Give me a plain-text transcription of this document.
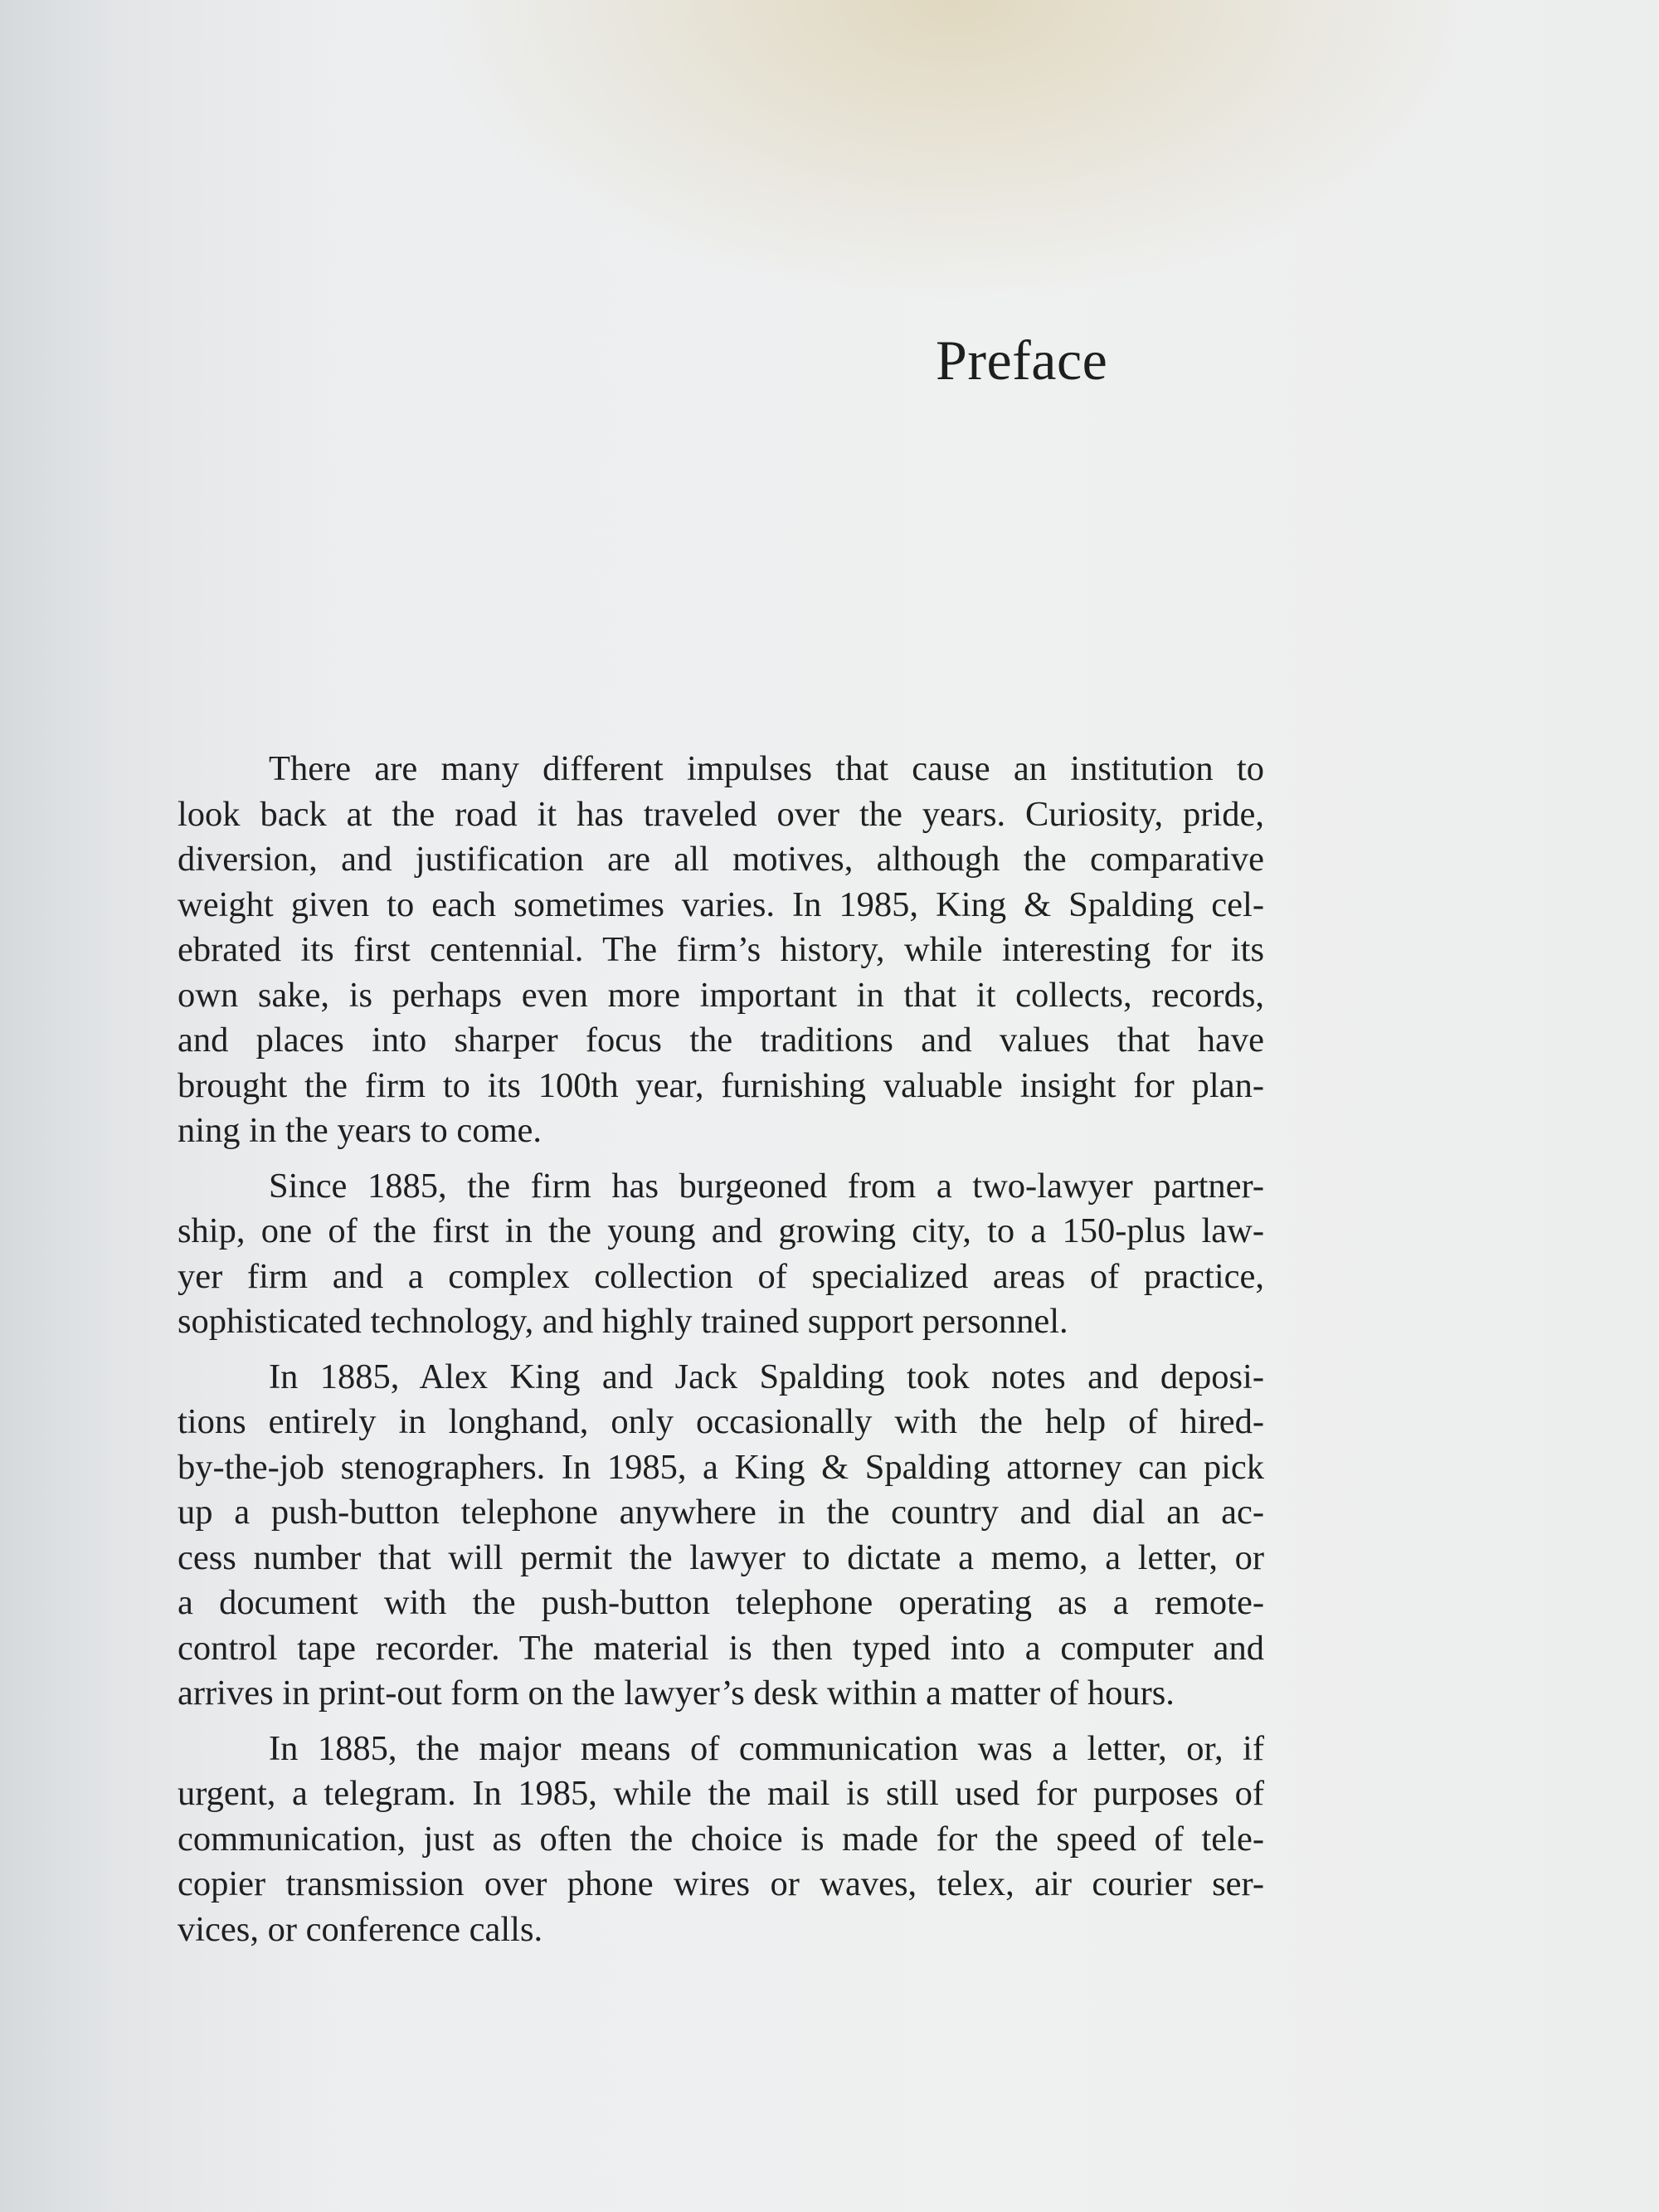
Preface
There are many different impulses that cause an institution to
look back at the road it has traveled over the years. Curiosity, pride,
diversion, and justification are all motives, although the comparative
weight given to each sometimes varies. In 1985, King & Spalding cel-
ebrated its first centennial. The firm’s history, while interesting for its
own sake, is perhaps even more important in that it collects, records,
and places into sharper focus the traditions and values that have
brought the firm to its 100th year, furnishing valuable insight for plan-
ning in the years to come.
Since 1885, the firm has burgeoned from a two-lawyer partner-
ship, one of the first in the young and growing city, to a 150-plus law-
yer firm and a complex collection of specialized areas of practice,
sophisticated technology, and highly trained support personnel.
In 1885, Alex King and Jack Spalding took notes and deposi-
tions entirely in longhand, only occasionally with the help of hired-
by-the-job stenographers. In 1985, a King & Spalding attorney can pick
up a push-button telephone anywhere in the country and dial an ac-
cess number that will permit the lawyer to dictate a memo, a letter, or
a document with the push-button telephone operating as a remote-
control tape recorder. The material is then typed into a computer and
arrives in print-out form on the lawyer’s desk within a matter of hours.
In 1885, the major means of communication was a letter, or, if
urgent, a telegram. In 1985, while the mail is still used for purposes of
communication, just as often the choice is made for the speed of tele-
copier transmission over phone wires or waves, telex, air courier ser-
vices, or conference calls.
